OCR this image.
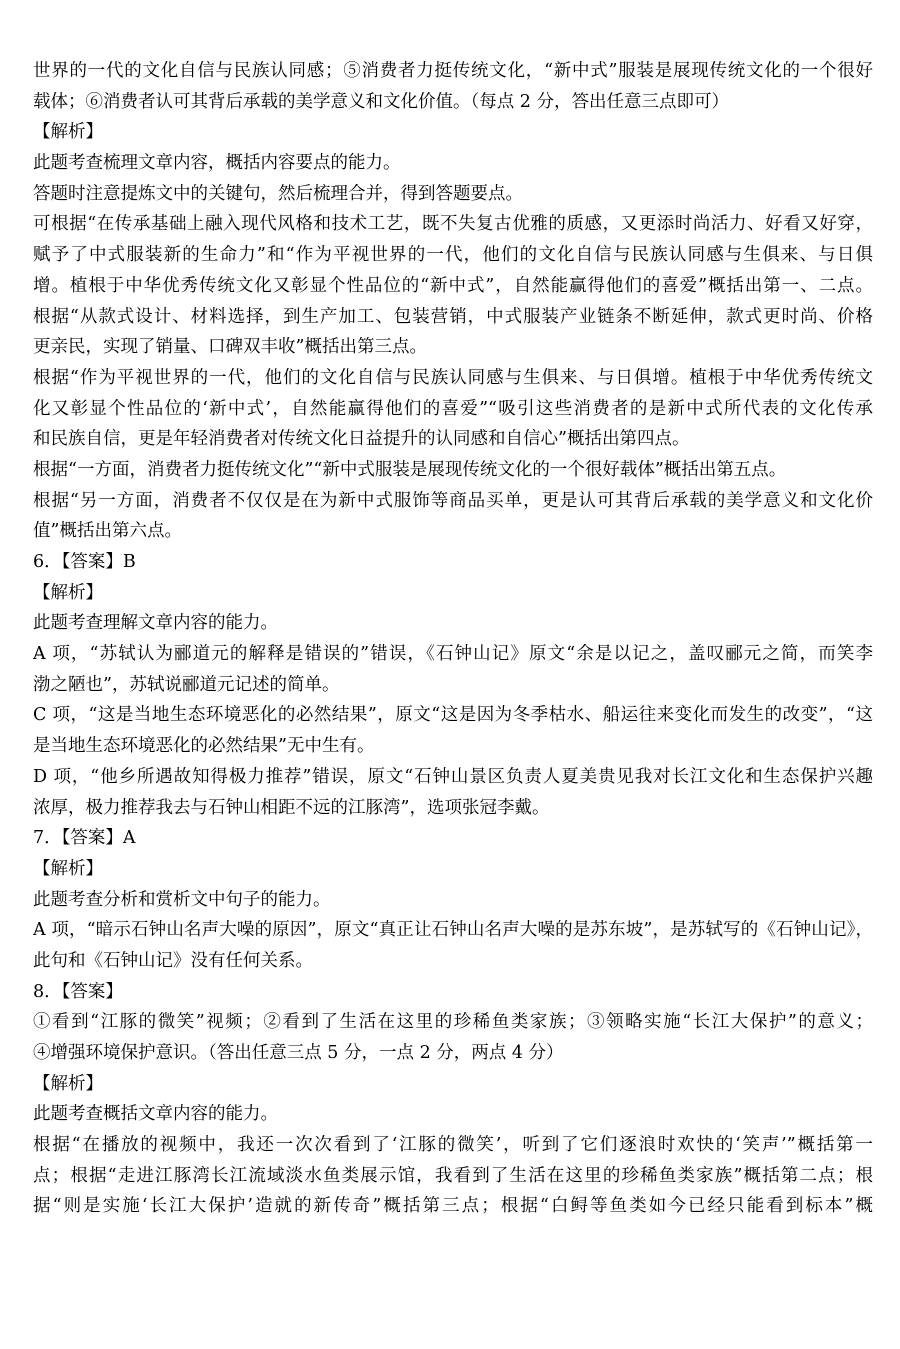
世界的一代的文化自信与民族认同感；⑤消费者力挺传统文化，“新中式”服装是展现传统文化的一个很好
载体；⑥消费者认可其背后承载的美学意义和文化价值。（每点 2 分，答出任意三点即可）
【解析】
此题考查梳理文章内容，概括内容要点的能力。
答题时注意提炼文中的关键句，然后梳理合并，得到答题要点。
可根据“在传承基础上融入现代风格和技术工艺，既不失复古优雅的质感，又更添时尚活力、好看又好穿，
赋予了中式服装新的生命力”和“作为平视世界的一代，他们的文化自信与民族认同感与生俱来、与日俱
增。植根于中华优秀传统文化又彰显个性品位的“新中式”，自然能赢得他们的喜爱”概括出第一、二点。
根据“从款式设计、材料选择，到生产加工、包装营销，中式服装产业链条不断延伸，款式更时尚、价格
更亲民，实现了销量、口碑双丰收”概括出第三点。
根据“作为平视世界的一代，他们的文化自信与民族认同感与生俱来、与日俱增。植根于中华优秀传统文
化又彰显个性品位的‘新中式’，自然能赢得他们的喜爱”“吸引这些消费者的是新中式所代表的文化传承
和民族自信，更是年轻消费者对传统文化日益提升的认同感和自信心”概括出第四点。
根据“一方面，消费者力挺传统文化”“新中式服装是展现传统文化的一个很好载体”概括出第五点。
根据“另一方面，消费者不仅仅是在为新中式服饰等商品买单，更是认可其背后承载的美学意义和文化价
值”概括出第六点。
6．【答案】B
【解析】
此题考查理解文章内容的能力。
A 项，“苏轼认为郦道元的解释是错误的”错误，《石钟山记》原文“余是以记之，盖叹郦元之简，而笑李
渤之陋也”，苏轼说郦道元记述的简单。
C 项，“这是当地生态环境恶化的必然结果”，原文“这是因为冬季枯水、船运往来变化而发生的改变”，“这
是当地生态环境恶化的必然结果”无中生有。
D 项，“他乡所遇故知得极力推荐”错误，原文“石钟山景区负责人夏美贵见我对长江文化和生态保护兴趣
浓厚，极力推荐我去与石钟山相距不远的江豚湾”，选项张冠李戴。
7．【答案】A
【解析】
此题考查分析和赏析文中句子的能力。
A 项，“暗示石钟山名声大噪的原因”，原文“真正让石钟山名声大噪的是苏东坡”，是苏轼写的《石钟山记》，
此句和《石钟山记》没有任何关系。
8．【答案】
①看到“江豚的微笑”视频；②看到了生活在这里的珍稀鱼类家族；③领略实施“长江大保护”的意义；
④增强环境保护意识。（答出任意三点 5 分，一点 2 分，两点 4 分）
【解析】
此题考查概括文章内容的能力。
根据“在播放的视频中，我还一次次看到了‘江豚的微笑’，听到了它们逐浪时欢快的‘笑声’”概括第一
点；根据“走进江豚湾长江流域淡水鱼类展示馆，我看到了生活在这里的珍稀鱼类家族”概括第二点；根
据“则是实施‘长江大保护’造就的新传奇”概括第三点；根据“白鲟等鱼类如今已经只能看到标本”概
